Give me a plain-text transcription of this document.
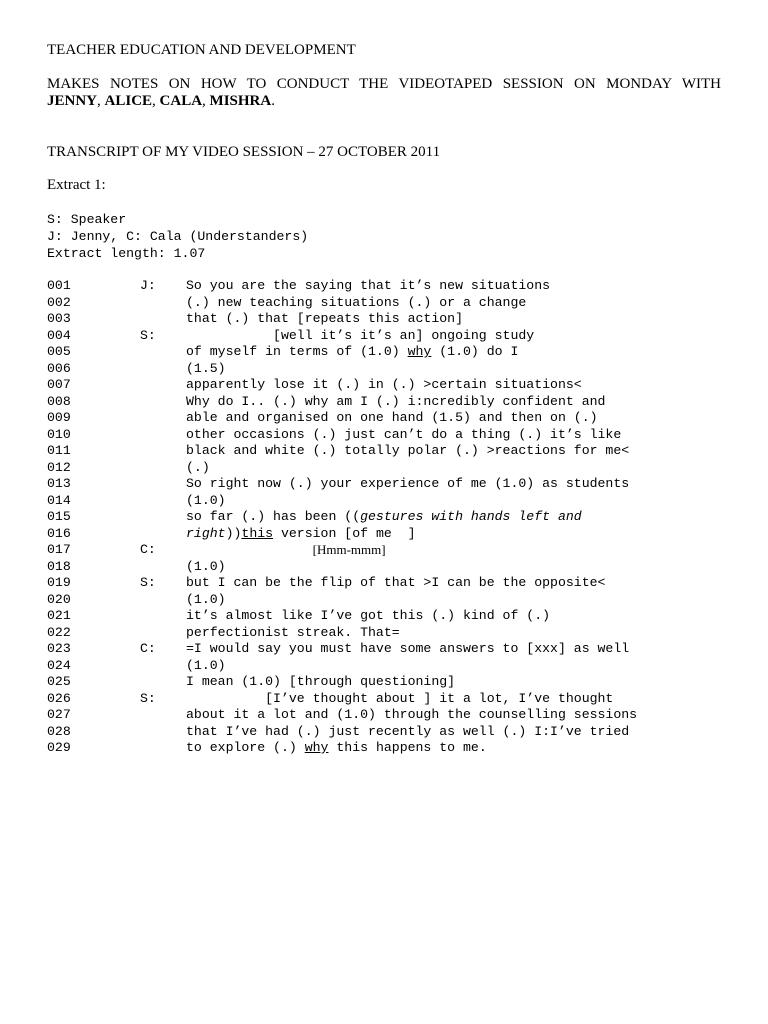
TEACHER EDUCATION AND DEVELOPMENT
MAKES NOTES ON HOW TO CONDUCT THE VIDEOTAPED SESSION ON MONDAY WITH
JENNY, ALICE, CALA, MISHRA.
TRANSCRIPT OF MY VIDEO SESSION – 27 OCTOBER 2011
Extract 1:
S: Speaker
J: Jenny, C: Cala (Understanders)
Extract length: 1.07
001	J: So you are the saying that it’s new situations
002	(.) new teaching situations (.) or a change
003	that (.) that [repeats this action]
004	S: [well it’s it’s an] ongoing study
005	of myself in terms of (1.0) why (1.0) do I
006	(1.5)
007	apparently lose it (.) in (.) >certain situations<
008	Why do I.. (.) why am I (.) i:ncredibly confident and
009	able and organised on one hand (1.5) and then on (.)
010	other occasions (.) just can’t do a thing (.) it’s like
011	black and white (.) totally polar (.) >reactions for me<
012	(.)
013	So right now (.) your experience of me (1.0) as students
014	(1.0)
015	so far (.) has been ((gestures with hands left and
016	right))this version [of me  ]
017	C:	[Hmm-mmm]
018	(1.0)
019	S: but I can be the flip of that >I can be the opposite<
020	(1.0)
021	it’s almost like I’ve got this (.) kind of (.)
022	perfectionist streak. That=
023	C: =I would say you must have some answers to [xxx] as well
024	(1.0)
025	I mean (1.0) [through questioning]
026	S: [I’ve thought about ] it a lot, I’ve thought
027	about it a lot and (1.0) through the counselling sessions
028	that I’ve had (.) just recently as well (.) I:I’ve tried
029	to explore (.) why this happens to me.
